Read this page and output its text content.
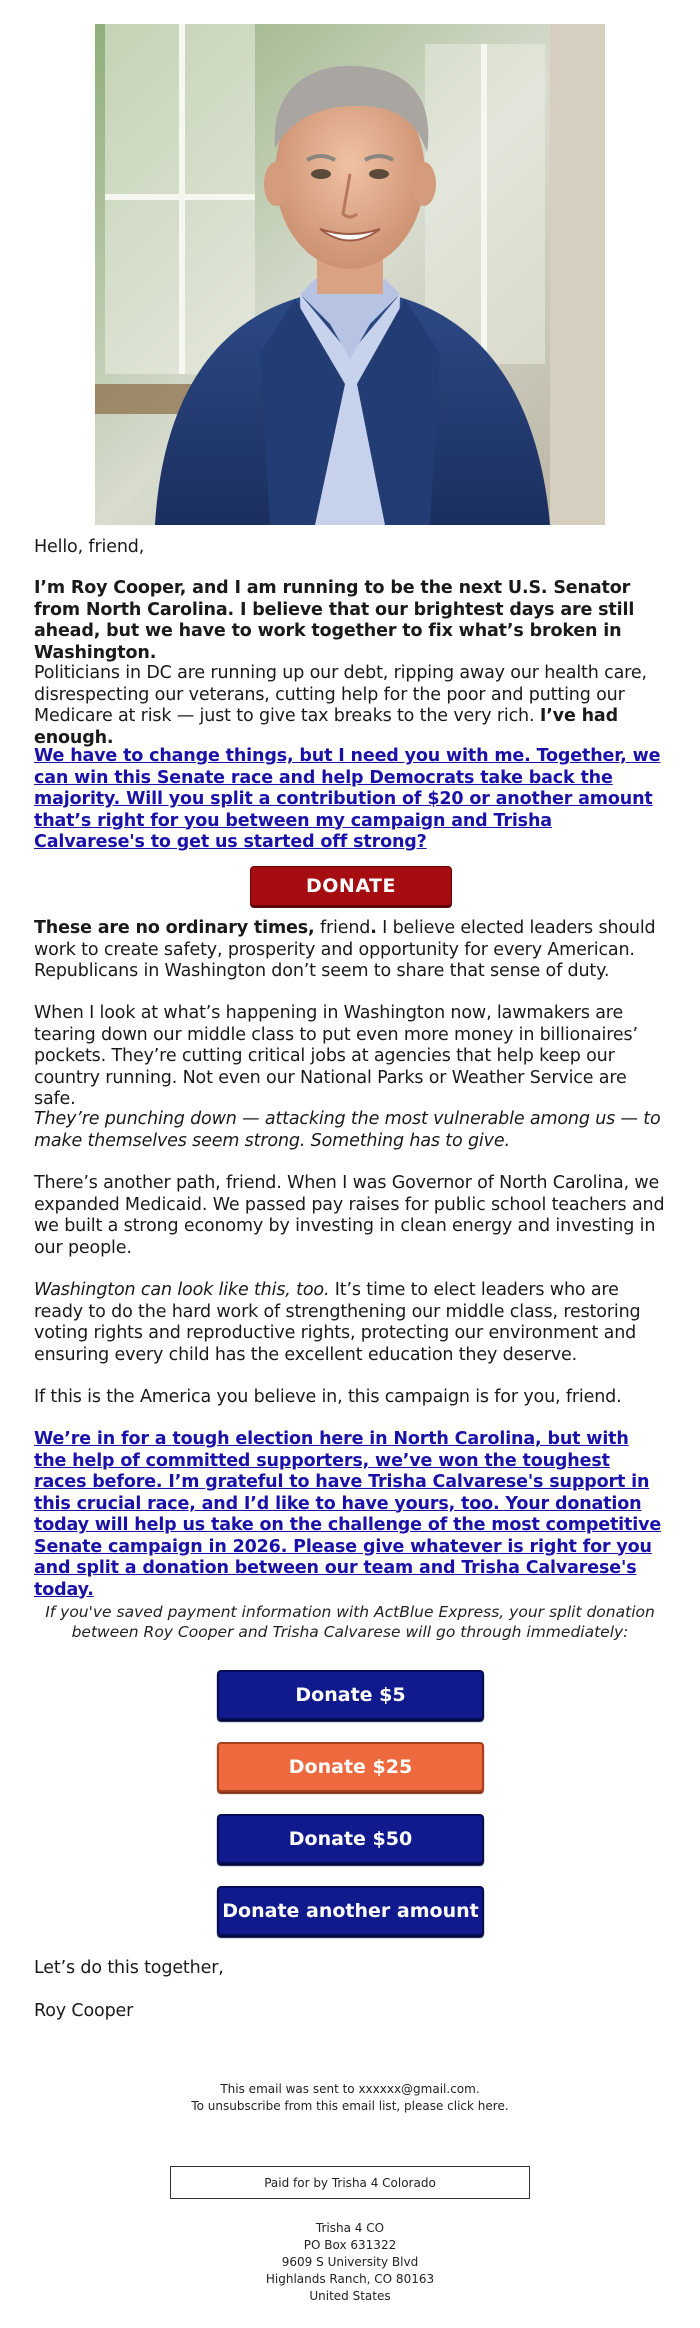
Hello, friend,

I’m Roy Cooper, and I am running to be the next U.S. Senator from North Carolina. I believe that our brightest days are still ahead, but we have to work together to fix what’s broken in Washington.

Politicians in DC are running up our debt, ripping away our health care, disrespecting our veterans, cutting help for the poor and putting our Medicare at risk — just to give tax breaks to the very rich. I’ve had enough.

We have to change things, but I need you with me. Together, we can win this Senate race and help Democrats take back the majority. Will you split a contribution of $20 or another amount that’s right for you between my campaign and Trisha Calvarese's to get us started off strong?

DONATE

These are no ordinary times, friend. I believe elected leaders should work to create safety, prosperity and opportunity for every American. Republicans in Washington don’t seem to share that sense of duty.

When I look at what’s happening in Washington now, lawmakers are tearing down our middle class to put even more money in billionaires’ pockets. They’re cutting critical jobs at agencies that help keep our country running. Not even our National Parks or Weather Service are safe.

They’re punching down — attacking the most vulnerable among us — to make themselves seem strong. Something has to give.

There’s another path, friend. When I was Governor of North Carolina, we expanded Medicaid. We passed pay raises for public school teachers and we built a strong economy by investing in clean energy and investing in our people.

Washington can look like this, too. It’s time to elect leaders who are ready to do the hard work of strengthening our middle class, restoring voting rights and reproductive rights, protecting our environment and ensuring every child has the excellent education they deserve.

If this is the America you believe in, this campaign is for you, friend.

We’re in for a tough election here in North Carolina, but with the help of committed supporters, we’ve won the toughest races before. I’m grateful to have Trisha Calvarese's support in this crucial race, and I’d like to have yours, too. Your donation today will help us take on the challenge of the most competitive Senate campaign in 2026. Please give whatever is right for you and split a donation between our team and Trisha Calvarese's today.

If you've saved payment information with ActBlue Express, your split donation between Roy Cooper and Trisha Calvarese will go through immediately:
Donate $5
Donate $25
Donate $50
Donate another amount

Let’s do this together,

Roy Cooper

This email was sent to xxxxxx@gmail.com.
To unsubscribe from this email list, please click here.
Paid for by Trisha 4 Colorado
Trisha 4 CO
PO Box 631322
9609 S University Blvd
Highlands Ranch, CO 80163
United States
